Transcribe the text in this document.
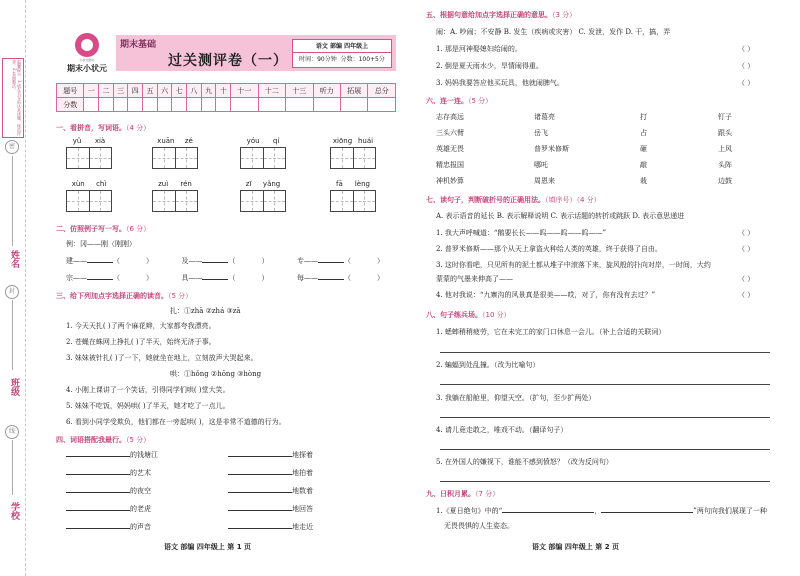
温馨提示：1.请在书写前认真读题，规范作答。2.卷面整洁。
密
姓名
封
班级
线
学校
小状元图书
期末小状元
期末基础
过关测评卷（一）
语文 部编 四年级上
时间：90分钟 分数：100+5分
题号	一	二	三	四	五	六	七	八	九	十	十一	十二	十三	听力	拓展	总分
分数																
一、看拼音，写词语。（4 分）
yǔ xià	xuān zé	yóu qí	xiōng huái
xùn chì	zuì rén	zī yǎng	fā lèng
二、仿照例子写一写。（6 分）
例：冈——刚（刚刚）
建——	（	）	及——	（	）	专——	（	）
宗——	（	）	具——	（	）	每——	（	）
三、给下列加点字选择正确的读音。（5 分）
扎：①zhā ②zhá ③zā
1. 今天天扎( )了两个麻花辫，大家都夸我漂亮。
2. 苍蝇在蛛网上挣扎( )了半天，始终无济于事。
3. 妹妹被针扎( )了一下，她就坐在地上，立刻放声大哭起来。
哄：①hǒng ②hōng ③hòng
4. 小刚上课讲了一个笑话，引得同学们哄( )堂大笑。
5. 妹妹不吃饭，妈妈哄( )了半天，她才吃了一点儿。
6. 看到小同学受欺负，他们都在一旁起哄( )，这是非常不道德的行为。
四、词语搭配我最行。（5 分）
的钱塘江	地探着
的艺术	地拍着
的夜空	地数着
的老虎	地回答
的声音	地走近
语文 部编 四年级上 第 1 页
五、根据句意给加点字选择正确的意思。（3 分）
闹：A. 吵闹；不安静 B. 发生（疾病或灾害） C. 发泄，发作 D. 干，搞，弄
1. 那是河神娶媳妇给闹的。	（ ）
2. 倒是夏天雨水少，旱情闹得重。	（ ）
3. 妈妈我要答应他买玩具，他就闹脾气。	（ ）
六、连一连。（5 分）
志存高远	诸葛亮	打	钉子
三头六臂	岳飞	占	跟头
英雄无畏	普罗米修斯	砸	上风
精忠报国	哪吒	敲	头阵
神机妙算	周恩来	栽	边鼓
七、读句子，判断破折号的正确用法。（填序号）（4 分）
A. 表示语音的延长 B. 表示解释说明 C. 表示话题的转折或跳跃 D. 表示意思递进
1. 我大声呼喊道：“鹅要长长——呜——呜——呜——”	（ ）
2. 普罗米修斯——那个从天上拿盗火种给人类的英雄，终于获得了自由。	（ ）
3. 这时你看吧，只见所有的泥土都从堆子中滚落下来，旋风般的扑向对岸，一时间，大约
蒙蒙的气墨来伸高了——	（ ）
4. 他对我说：“九寨沟的风景真是很美——哎，对了，你有没有去过？”	（ ）
八、句子练兵场。（10 分）
1. 蟋蟀稍稍疲劳，它在未完工的家门口休息一会儿。（补上合适的关联词）
2. 蝙蝠到处乱撞。（改为比喻句）
3. 我躺在船舱里，仰望天空。（扩句，至少扩两处）
4. 请儿竟走敢之，唯戏不动。（翻译句子）
5. 在外国人的嫌视下，谁能不感到愤怒？（改为反问句）
九、日积月累。（7 分）
1.《夏日绝句》中的“	，	”两句向我们展现了一种
无畏畏惧的人生姿态。
语文 部编 四年级上 第 2 页
